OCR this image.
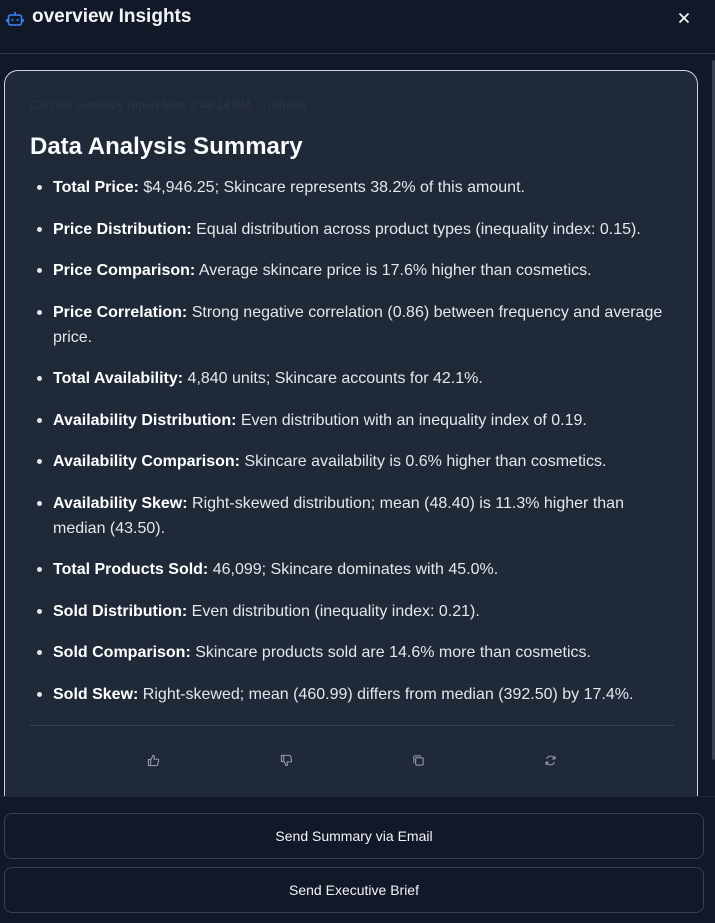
overview Insights
Cached summary report from 2:48:14 PM refresh
Data Analysis Summary
Total Price: $4,946.25; Skincare represents 38.2% of this amount.
Price Distribution: Equal distribution across product types (inequality index: 0.15).
Price Comparison: Average skincare price is 17.6% higher than cosmetics.
Price Correlation: Strong negative correlation (0.86) between frequency and average price.
Total Availability: 4,840 units; Skincare accounts for 42.1%.
Availability Distribution: Even distribution with an inequality index of 0.19.
Availability Comparison: Skincare availability is 0.6% higher than cosmetics.
Availability Skew: Right-skewed distribution; mean (48.40) is 11.3% higher than median (43.50).
Total Products Sold: 46,099; Skincare dominates with 45.0%.
Sold Distribution: Even distribution (inequality index: 0.21).
Sold Comparison: Skincare products sold are 14.6% more than cosmetics.
Sold Skew: Right-skewed; mean (460.99) differs from median (392.50) by 17.4%.
Send Summary via Email
Send Executive Brief
